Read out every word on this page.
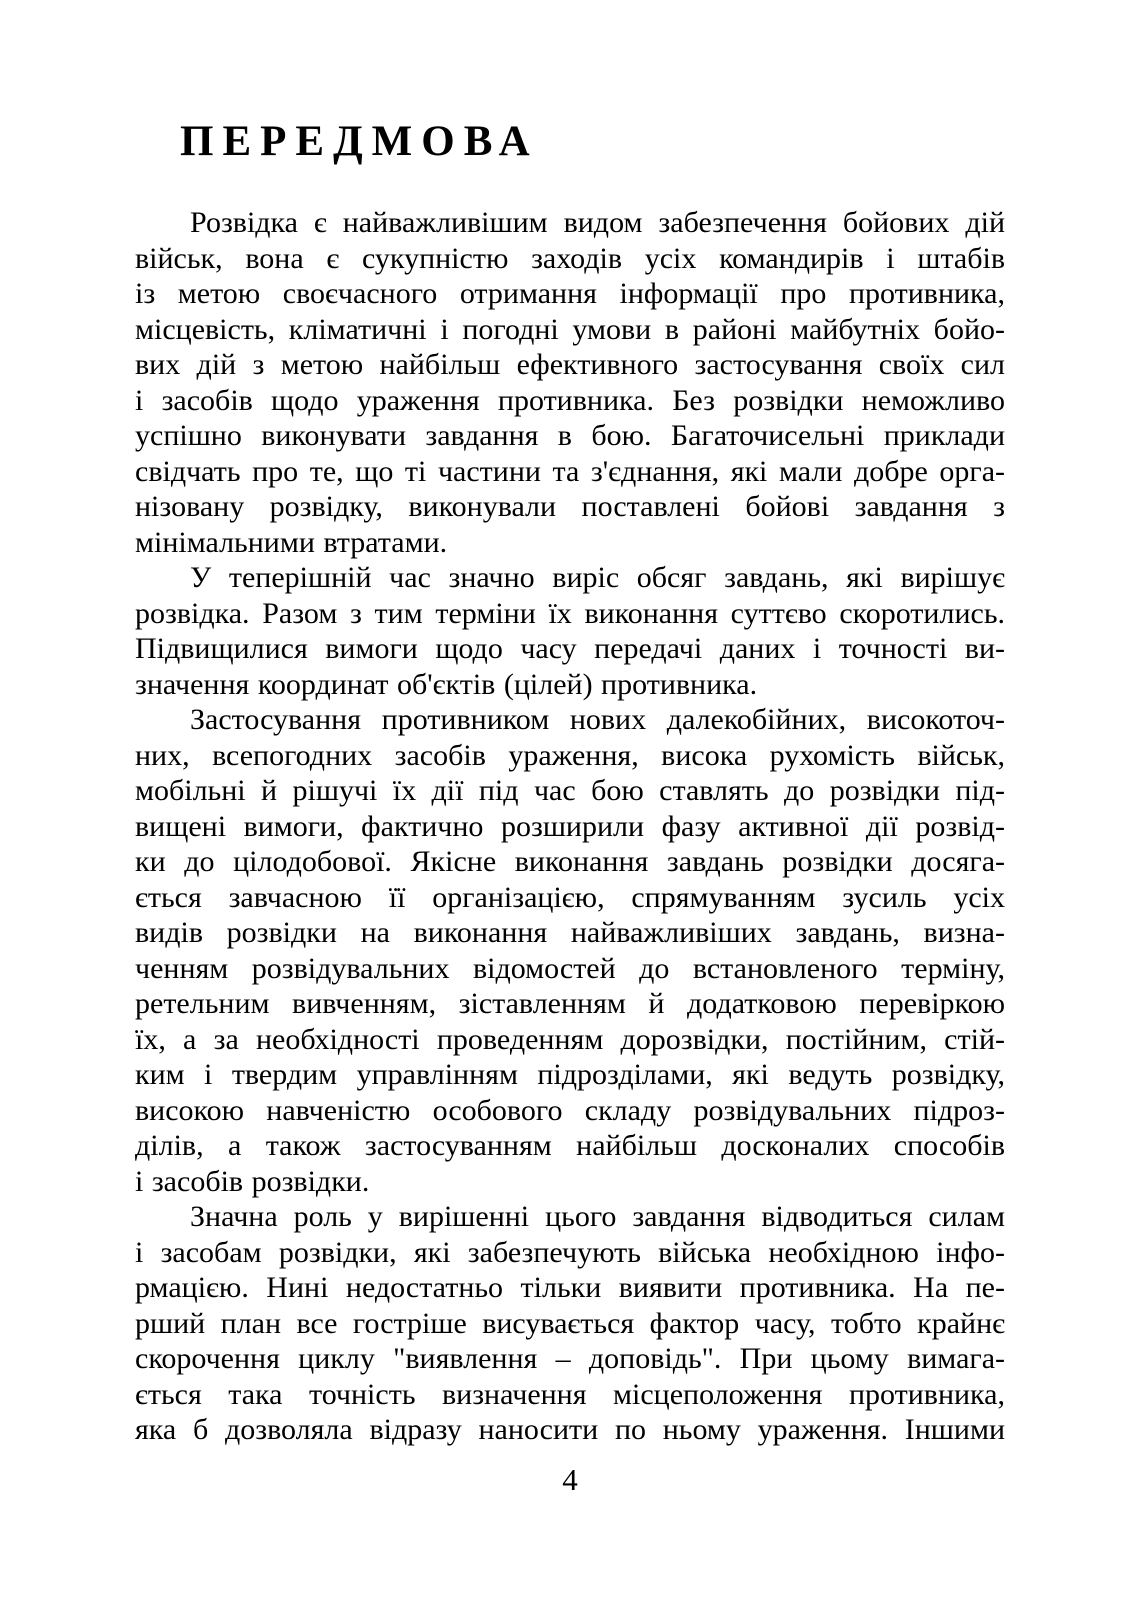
ПЕРЕДМОВА
Розвідка є найважливішим видом забезпечення бойових дій
військ, вона є сукупністю заходів усіх командирів і штабів
із метою своєчасного отримання інформації про противника,
місцевість, кліматичні і погодні умови в районі майбутніх бойо-
вих дій з метою найбільш ефективного застосування своїх сил
і засобів щодо ураження противника. Без розвідки неможливо
успішно виконувати завдання в бою. Багаточисельні приклади
свідчать про те, що ті частини та з'єднання, які мали добре орга-
нізовану розвідку, виконували поставлені бойові завдання з
мінімальними втратами.
У теперішній час значно виріс обсяг завдань, які вирішує
розвідка. Разом з тим терміни їх виконання суттєво скоротились.
Підвищилися вимоги щодо часу передачі даних і точності ви-
значення координат об'єктів (цілей) противника.
Застосування противником нових далекобійних, високоточ-
них, всепогодних засобів ураження, висока рухомість військ,
мобільні й рішучі їх дії під час бою ставлять до розвідки під-
вищені вимоги, фактично розширили фазу активної дії розвід-
ки до цілодобової. Якісне виконання завдань розвідки досяга-
ється завчасною її організацією, спрямуванням зусиль усіх
видів розвідки на виконання найважливіших завдань, визна-
ченням розвідувальних відомостей до встановленого терміну,
ретельним вивченням, зіставленням й додатковою перевіркою
їх, а за необхідності проведенням дорозвідки, постійним, стій-
ким і твердим управлінням підрозділами, які ведуть розвідку,
високою навченістю особового складу розвідувальних підроз-
ділів, а також застосуванням найбільш досконалих способів
і засобів розвідки.
Значна роль у вирішенні цього завдання відводиться силам
і засобам розвідки, які забезпечують війська необхідною інфо-
рмацією. Нині недостатньо тільки виявити противника. На пе-
рший план все гостріше висувається фактор часу, тобто крайнє
скорочення циклу "виявлення – доповідь". При цьому вимага-
ється така точність визначення місцеположення противника,
яка б дозволяла відразу наносити по ньому ураження. Іншими
4
